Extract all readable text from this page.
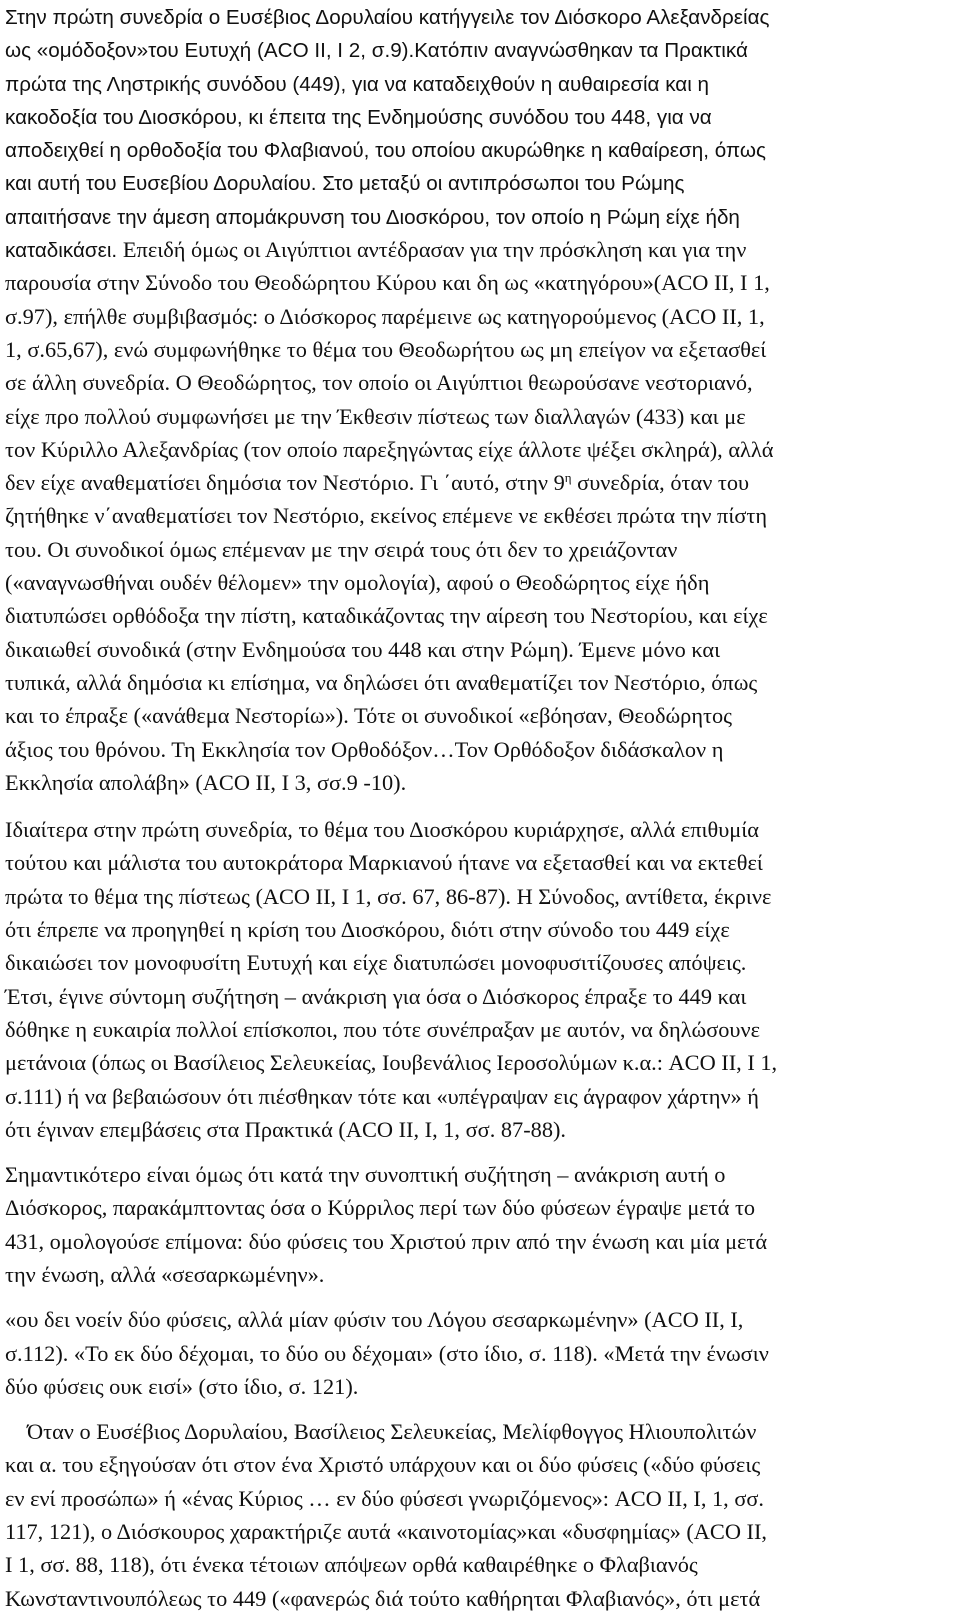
Στην πρώτη συνεδρία ο Ευσέβιος Δορυλαίου κατήγγειλε τον Διόσκορο Αλεξανδρείας
ως «ομόδοξον»του Ευτυχή (ACO II, I 2, σ.9).Κατόπιν αναγνώσθηκαν τα Πρακτικά
πρώτα της Ληστρικής συνόδου (449), για να καταδειχθούν η αυθαιρεσία και η
κακοδοξία του Διοσκόρου, κι έπειτα της Ενδημούσης συνόδου του 448, για να
αποδειχθεί η ορθοδοξία του Φλαβιανού, του οποίου ακυρώθηκε η καθαίρεση, όπως
και αυτή του Ευσεβίου Δορυλαίου. Στο μεταξύ οι αντιπρόσωποι του Ρώμης
απαιτήσανε την άμεση απομάκρυνση του Διοσκόρου, τον οποίο η Ρώμη είχε ήδη
καταδικάσει. Επειδή όμως οι Αιγύπτιοι αντέδρασαν για την πρόσκληση και για την
παρουσία στην Σύνοδο του Θεοδώρητου Κύρου και δη ως «κατηγόρου»(ACO II, I 1,
σ.97), επήλθε συμβιβασμός: ο Διόσκορος παρέμεινε ως κατηγορούμενος (ACO II, 1,
1, σ.65,67), ενώ συμφωνήθηκε το θέμα του Θεοδωρήτου ως μη επείγον να εξετασθεί
σε άλλη συνεδρία. Ο Θεοδώρητος, τον οποίο οι Αιγύπτιοι θεωρούσανε νεστοριανό,
είχε προ πολλού συμφωνήσει με την Έκθεσιν πίστεως των διαλλαγών (433) και με
τον Κύριλλο Αλεξανδρίας (τον οποίο παρεξηγώντας είχε άλλοτε ψέξει σκληρά), αλλά
δεν είχε αναθεματίσει δημόσια τον Νεστόριο. Γι ΄αυτό, στην $9^\eta$ συνεδρία, όταν του
ζητήθηκε ν΄αναθεματίσει τον Νεστόριο, εκείνος επέμενε νε εκθέσει πρώτα την πίστη
του. Οι συνοδικοί όμως επέμεναν με την σειρά τους ότι δεν το χρειάζονταν
(«αναγνωσθήναι ουδέν θέλομεν» την ομολογία), αφού ο Θεοδώρητος είχε ήδη
διατυπώσει ορθόδοξα την πίστη, καταδικάζοντας την αίρεση του Νεστορίου, και είχε
δικαιωθεί συνοδικά (στην Ενδημούσα του 448 και στην Ρώμη). Έμενε μόνο και
τυπικά, αλλά δημόσια κι επίσημα, να δηλώσει ότι αναθεματίζει τον Νεστόριο, όπως
και το έπραξε («ανάθεμα Νεστορίω»). Τότε οι συνοδικοί «εβόησαν, Θεοδώρητος
άξιος του θρόνου. Τη Εκκλησία τον Ορθοδόξον…Τον Ορθόδοξον διδάσκαλον η
Εκκλησία απολάβη» (ACO II, I 3, σσ.9 -10).
Ιδιαίτερα στην πρώτη συνεδρία, το θέμα του Διοσκόρου κυριάρχησε, αλλά επιθυμία
τούτου και μάλιστα του αυτοκράτορα Μαρκιανού ήτανε να εξετασθεί και να εκτεθεί
πρώτα το θέμα της πίστεως (ACO II, I 1, σσ. 67, 86-87). Η Σύνοδος, αντίθετα, έκρινε
ότι έπρεπε να προηγηθεί η κρίση του Διοσκόρου, διότι στην σύνοδο του 449 είχε
δικαιώσει τον μονοφυσίτη Ευτυχή και είχε διατυπώσει μονοφυσιτίζουσες απόψεις.
Έτσι, έγινε σύντομη συζήτηση – ανάκριση για όσα ο Διόσκορος έπραξε το 449 και
δόθηκε η ευκαιρία πολλοί επίσκοποι, που τότε συνέπραξαν με αυτόν, να δηλώσουνε
μετάνοια (όπως οι Βασίλειος Σελευκείας, Ιουβενάλιος Ιεροσολύμων κ.α.: ACO II, I 1,
σ.111) ή να βεβαιώσουν ότι πιέσθηκαν τότε και «υπέγραψαν εις άγραφον χάρτην» ή
ότι έγιναν επεμβάσεις στα Πρακτικά (ACO II, I, 1, σσ. 87-88).
Σημαντικότερο είναι όμως ότι κατά την συνοπτική συζήτηση – ανάκριση αυτή ο
Διόσκορος, παρακάμπτοντας όσα ο Κύρριλος περί των δύο φύσεων έγραψε μετά το
431, ομολογούσε επίμονα: δύο φύσεις του Χριστού πριν από την ένωση και μία μετά
την ένωση, αλλά «σεσαρκωμένην».
«ου δει νοείν δύο φύσεις, αλλά μίαν φύσιν του Λόγου σεσαρκωμένην» (ACO II, I,
σ.112). «Το εκ δύο δέχομαι, το δύο ου δέχομαι» (στο ίδιο, σ. 118). «Μετά την ένωσιν
δύο φύσεις ουκ εισί» (στο ίδιο, σ. 121).
Όταν ο Ευσέβιος Δορυλαίου, Βασίλειος Σελευκείας, Μελίφθογγος Ηλιουπολιτών
και α. του εξηγούσαν ότι στον ένα Χριστό υπάρχουν και οι δύο φύσεις («δύο φύσεις
εν ενί προσώπω» ή «ένας Κύριος … εν δύο φύσεσι γνωριζόμενος»: ACO II, I, 1, σσ.
117, 121), ο Διόσκουρος χαρακτήριζε αυτά «καινοτομίας»και «δυσφημίας» (ACO II,
I 1, σσ. 88, 118), ότι ένεκα τέτοιων απόψεων ορθά καθαιρέθηκε ο Φλαβιανός
Κωνσταντινουπόλεως το 449 («φανερώς διά τούτο καθήρηται Φλαβιανός», ότι μετά
